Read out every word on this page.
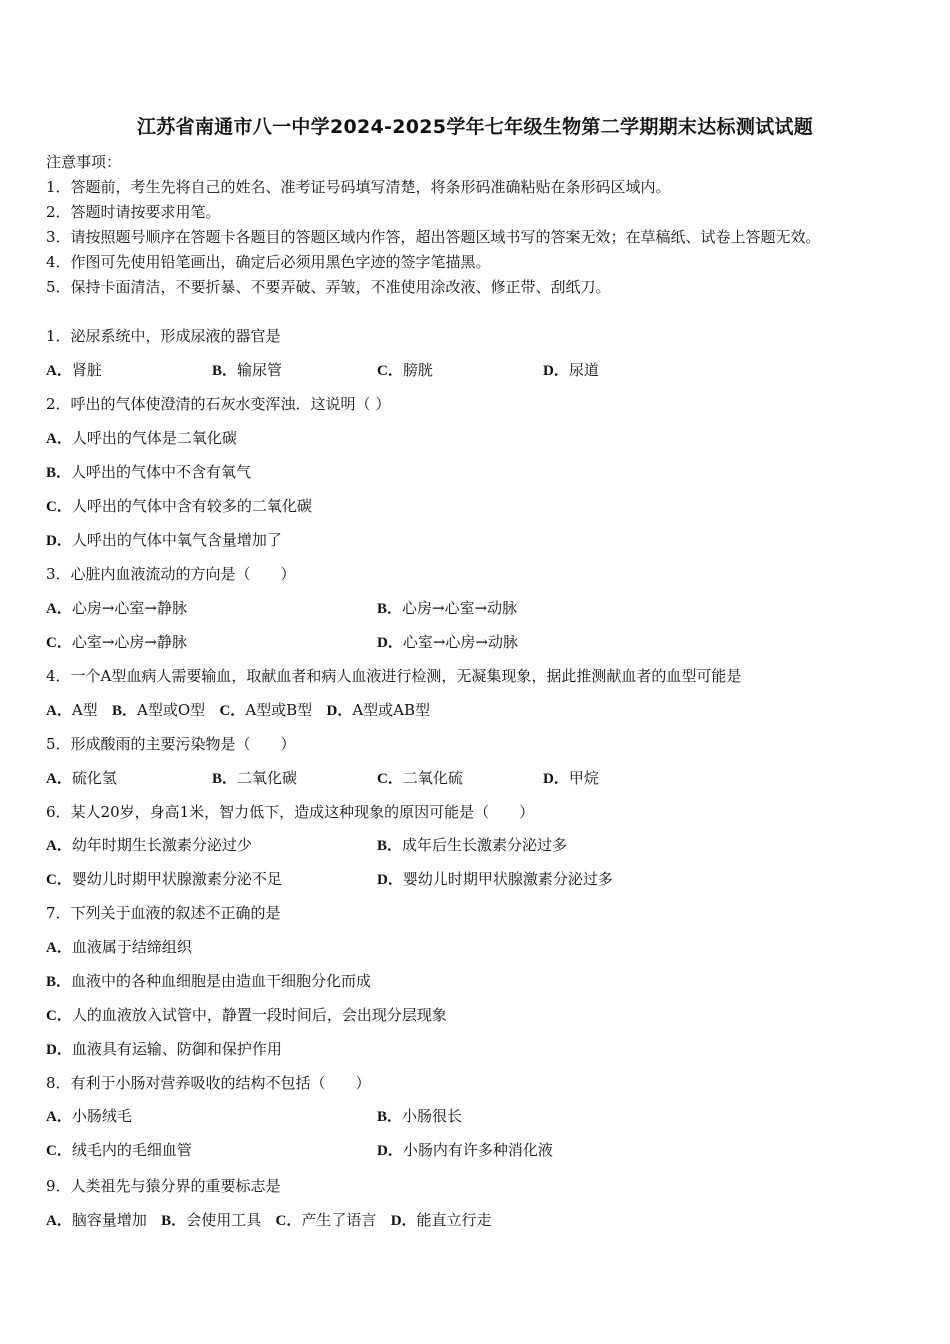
江苏省南通市八一中学2024-2025学年七年级生物第二学期期末达标测试试题
注意事项：
1．答题前，考生先将自己的姓名、准考证号码填写清楚，将条形码准确粘贴在条形码区域内。
2．答题时请按要求用笔。
3．请按照题号顺序在答题卡各题目的答题区域内作答，超出答题区域书写的答案无效；在草稿纸、试卷上答题无效。
4．作图可先使用铅笔画出，确定后必须用黑色字迹的签字笔描黑。
5．保持卡面清洁，不要折暴、不要弄破、弄皱，不准使用涂改液、修正带、刮纸刀。
1．泌尿系统中，形成尿液的器官是
A．肾脏	B．输尿管	C．膀胱	D．尿道
2．呼出的气体使澄清的石灰水变浑浊．这说明（ ）
A．人呼出的气体是二氧化碳
B．人呼出的气体中不含有氧气
C．人呼出的气体中含有较多的二氧化碳
D．人呼出的气体中氧气含量增加了
3．心脏内血液流动的方向是（　　）
A．心房→心室→静脉	B．心房→心室→动脉
C．心室→心房→静脉	D．心室→心房→动脉
4．一个A型血病人需要输血，取献血者和病人血液进行检测，无凝集现象，据此推测献血者的血型可能是
A．A型 B．A型或O型 C．A型或B型 D．A型或AB型
5．形成酸雨的主要污染物是（　　）
A．硫化氢	B．二氧化碳	C．二氧化硫	D．甲烷
6．某人20岁，身高1米，智力低下，造成这种现象的原因可能是（　　）
A．幼年时期生长激素分泌过少	B．成年后生长激素分泌过多
C．婴幼儿时期甲状腺激素分泌不足	D．婴幼儿时期甲状腺激素分泌过多
7．下列关于血液的叙述不正确的是
A．血液属于结缔组织
B．血液中的各种血细胞是由造血干细胞分化而成
C．人的血液放入试管中，静置一段时间后，会出现分层现象
D．血液具有运输、防御和保护作用
8．有利于小肠对营养吸收的结构不包括（　　）
A．小肠绒毛	B．小肠很长
C．绒毛内的毛细血管	D．小肠内有许多种消化液
9．人类祖先与猿分界的重要标志是
A．脑容量增加 B．会使用工具 C．产生了语言 D．能直立行走
